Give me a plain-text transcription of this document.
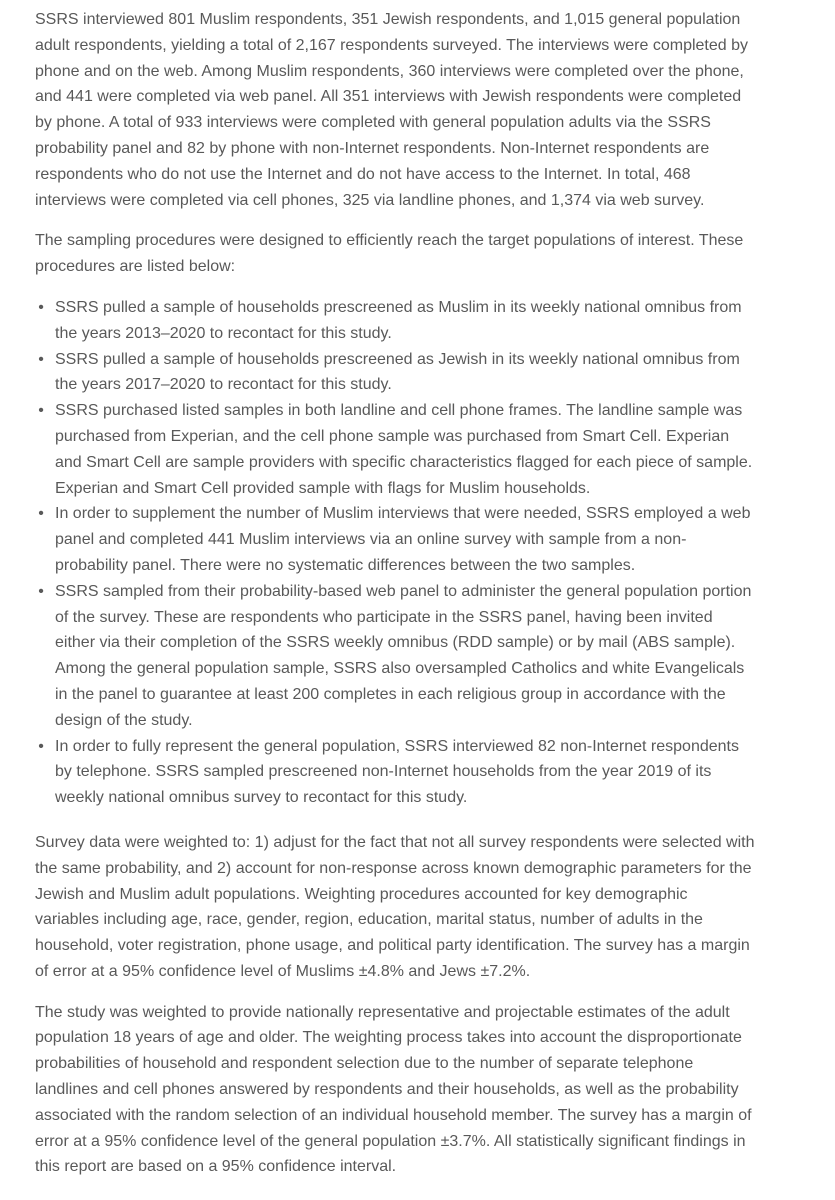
SSRS interviewed 801 Muslim respondents, 351 Jewish respondents, and 1,015 general population adult respondents, yielding a total of 2,167 respondents surveyed. The interviews were completed by phone and on the web. Among Muslim respondents, 360 interviews were completed over the phone, and 441 were completed via web panel. All 351 interviews with Jewish respondents were completed by phone. A total of 933 interviews were completed with general population adults via the SSRS probability panel and 82 by phone with non-Internet respondents. Non-Internet respondents are respondents who do not use the Internet and do not have access to the Internet. In total, 468 interviews were completed via cell phones, 325 via landline phones, and 1,374 via web survey.

The sampling procedures were designed to efficiently reach the target populations of interest. These procedures are listed below:

• SSRS pulled a sample of households prescreened as Muslim in its weekly national omnibus from the years 2013–2020 to recontact for this study.
• SSRS pulled a sample of households prescreened as Jewish in its weekly national omnibus from the years 2017–2020 to recontact for this study.
• SSRS purchased listed samples in both landline and cell phone frames. The landline sample was purchased from Experian, and the cell phone sample was purchased from Smart Cell. Experian and Smart Cell are sample providers with specific characteristics flagged for each piece of sample. Experian and Smart Cell provided sample with flags for Muslim households.
• In order to supplement the number of Muslim interviews that were needed, SSRS employed a web panel and completed 441 Muslim interviews via an online survey with sample from a non-probability panel. There were no systematic differences between the two samples.
• SSRS sampled from their probability-based web panel to administer the general population portion of the survey. These are respondents who participate in the SSRS panel, having been invited either via their completion of the SSRS weekly omnibus (RDD sample) or by mail (ABS sample). Among the general population sample, SSRS also oversampled Catholics and white Evangelicals in the panel to guarantee at least 200 completes in each religious group in accordance with the design of the study.
• In order to fully represent the general population, SSRS interviewed 82 non-Internet respondents by telephone. SSRS sampled prescreened non-Internet households from the year 2019 of its weekly national omnibus survey to recontact for this study.

Survey data were weighted to: 1) adjust for the fact that not all survey respondents were selected with the same probability, and 2) account for non-response across known demographic parameters for the Jewish and Muslim adult populations. Weighting procedures accounted for key demographic variables including age, race, gender, region, education, marital status, number of adults in the household, voter registration, phone usage, and political party identification. The survey has a margin of error at a 95% confidence level of Muslims ±4.8% and Jews ±7.2%.

The study was weighted to provide nationally representative and projectable estimates of the adult population 18 years of age and older. The weighting process takes into account the disproportionate probabilities of household and respondent selection due to the number of separate telephone landlines and cell phones answered by respondents and their households, as well as the probability associated with the random selection of an individual household member. The survey has a margin of error at a 95% confidence level of the general population ±3.7%. All statistically significant findings in this report are based on a 95% confidence interval.
